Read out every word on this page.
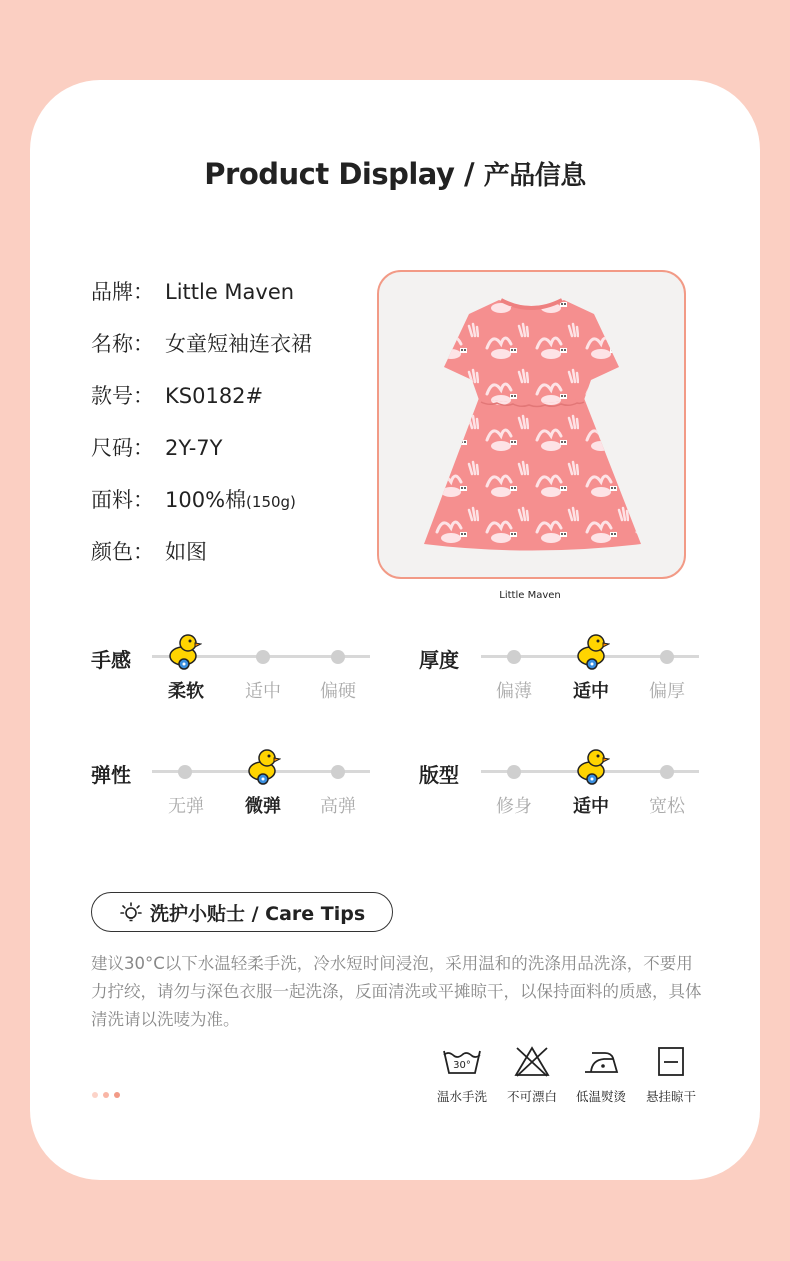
Product Display / 产品信息
品牌： Little Maven
名称： 女童短袖连衣裙
款号： KS0182#
尺码： 2Y-7Y
面料： 100%棉(150g)
颜色： 如图
Little Maven
手感
柔软	适中	偏硬
厚度
偏薄	适中	偏厚
弹性
无弹	微弹	高弹
版型
修身	适中	宽松
洗护小贴士 / Care Tips
建议30°C以下水温轻柔手洗，冷水短时间浸泡，采用温和的洗涤用品洗涤，不要用力拧绞，请勿与深色衣服一起洗涤，反面清洗或平摊晾干，以保持面料的质感，具体清洗请以洗唛为准。
30°
温水手洗	不可漂白	低温熨烫	悬挂晾干
